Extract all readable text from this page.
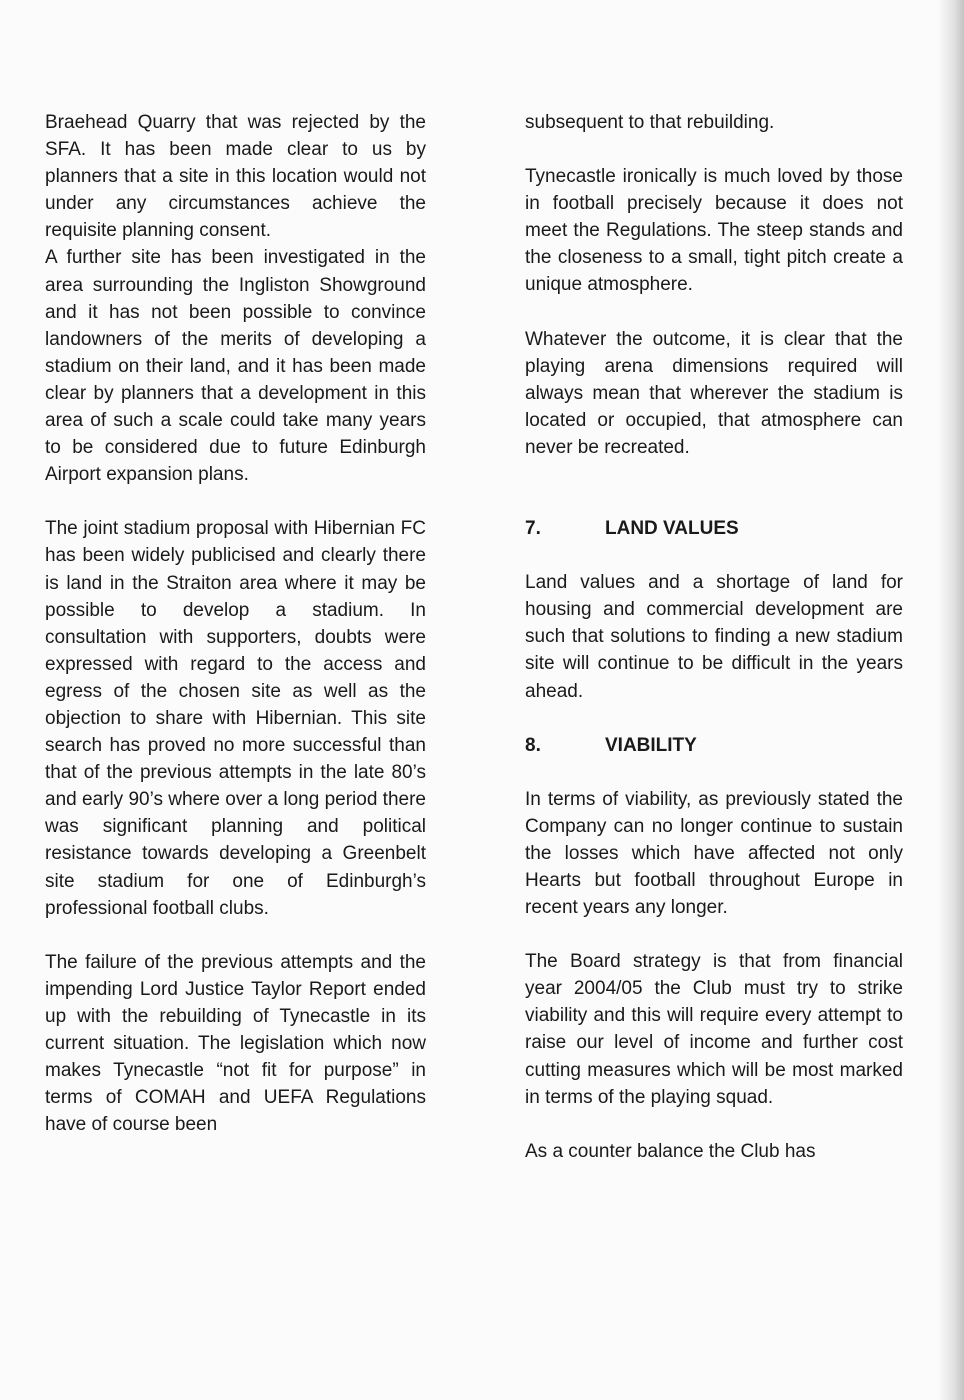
Braehead Quarry that was rejected by the SFA. It has been made clear to us by planners that a site in this location would not under any circumstances achieve the requisite planning consent.

A further site has been investigated in the area surrounding the Ingliston Showground and it has not been possible to convince landowners of the merits of developing a stadium on their land, and it has been made clear by planners that a development in this area of such a scale could take many years to be considered due to future Edinburgh Airport expansion plans.

The joint stadium proposal with Hibernian FC has been widely publicised and clearly there is land in the Straiton area where it may be possible to develop a stadium. In consultation with supporters, doubts were expressed with regard to the access and egress of the chosen site as well as the objection to share with Hibernian. This site search has proved no more successful than that of the previous attempts in the late 80’s and early 90’s where over a long period there was significant planning and political resistance towards developing a Greenbelt site stadium for one of Edinburgh’s professional football clubs.

The failure of the previous attempts and the impending Lord Justice Taylor Report ended up with the rebuilding of Tynecastle in its current situation. The legislation which now makes Tynecastle “not fit for purpose” in terms of COMAH and UEFA Regulations have of course been

subsequent to that rebuilding.

Tynecastle ironically is much loved by those in football precisely because it does not meet the Regulations. The steep stands and the closeness to a small, tight pitch create a unique atmosphere.

Whatever the outcome, it is clear that the playing arena dimensions required will always mean that wherever the stadium is located or occupied, that atmosphere can never be recreated.

7.	LAND VALUES

Land values and a shortage of land for housing and commercial development are such that solutions to finding a new stadium site will continue to be difficult in the years ahead.

8.	VIABILITY

In terms of viability, as previously stated the Company can no longer continue to sustain the losses which have affected not only Hearts but football throughout Europe in recent years any longer.

The Board strategy is that from financial year 2004/05 the Club must try to strike viability and this will require every attempt to raise our level of income and further cost cutting measures which will be most marked in terms of the playing squad.

As a counter balance the Club has
